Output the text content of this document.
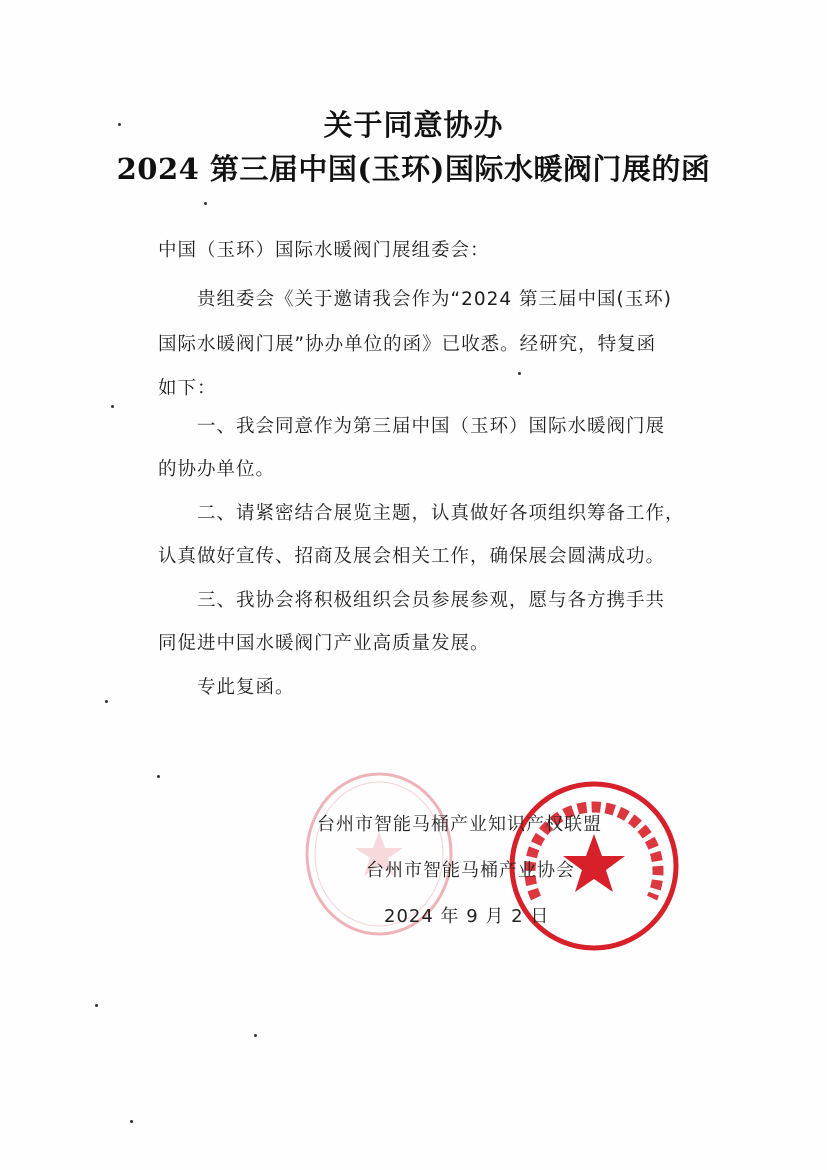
关于同意协办
2024 第三届中国(玉环)国际水暖阀门展的函
中国（玉环）国际水暖阀门展组委会：
贵组委会《关于邀请我会作为“2024 第三届中国(玉环)
国际水暖阀门展”协办单位的函》已收悉。经研究，特复函
如下：
一、我会同意作为第三届中国（玉环）国际水暖阀门展
的协办单位。
二、请紧密结合展览主题，认真做好各项组织筹备工作，
认真做好宣传、招商及展会相关工作，确保展会圆满成功。
三、我协会将积极组织会员参展参观，愿与各方携手共
同促进中国水暖阀门产业高质量发展。
专此复函。
台州市智能马桶产业知识产权联盟
台州市智能马桶产业协会
2024 年 9 月 2 日
